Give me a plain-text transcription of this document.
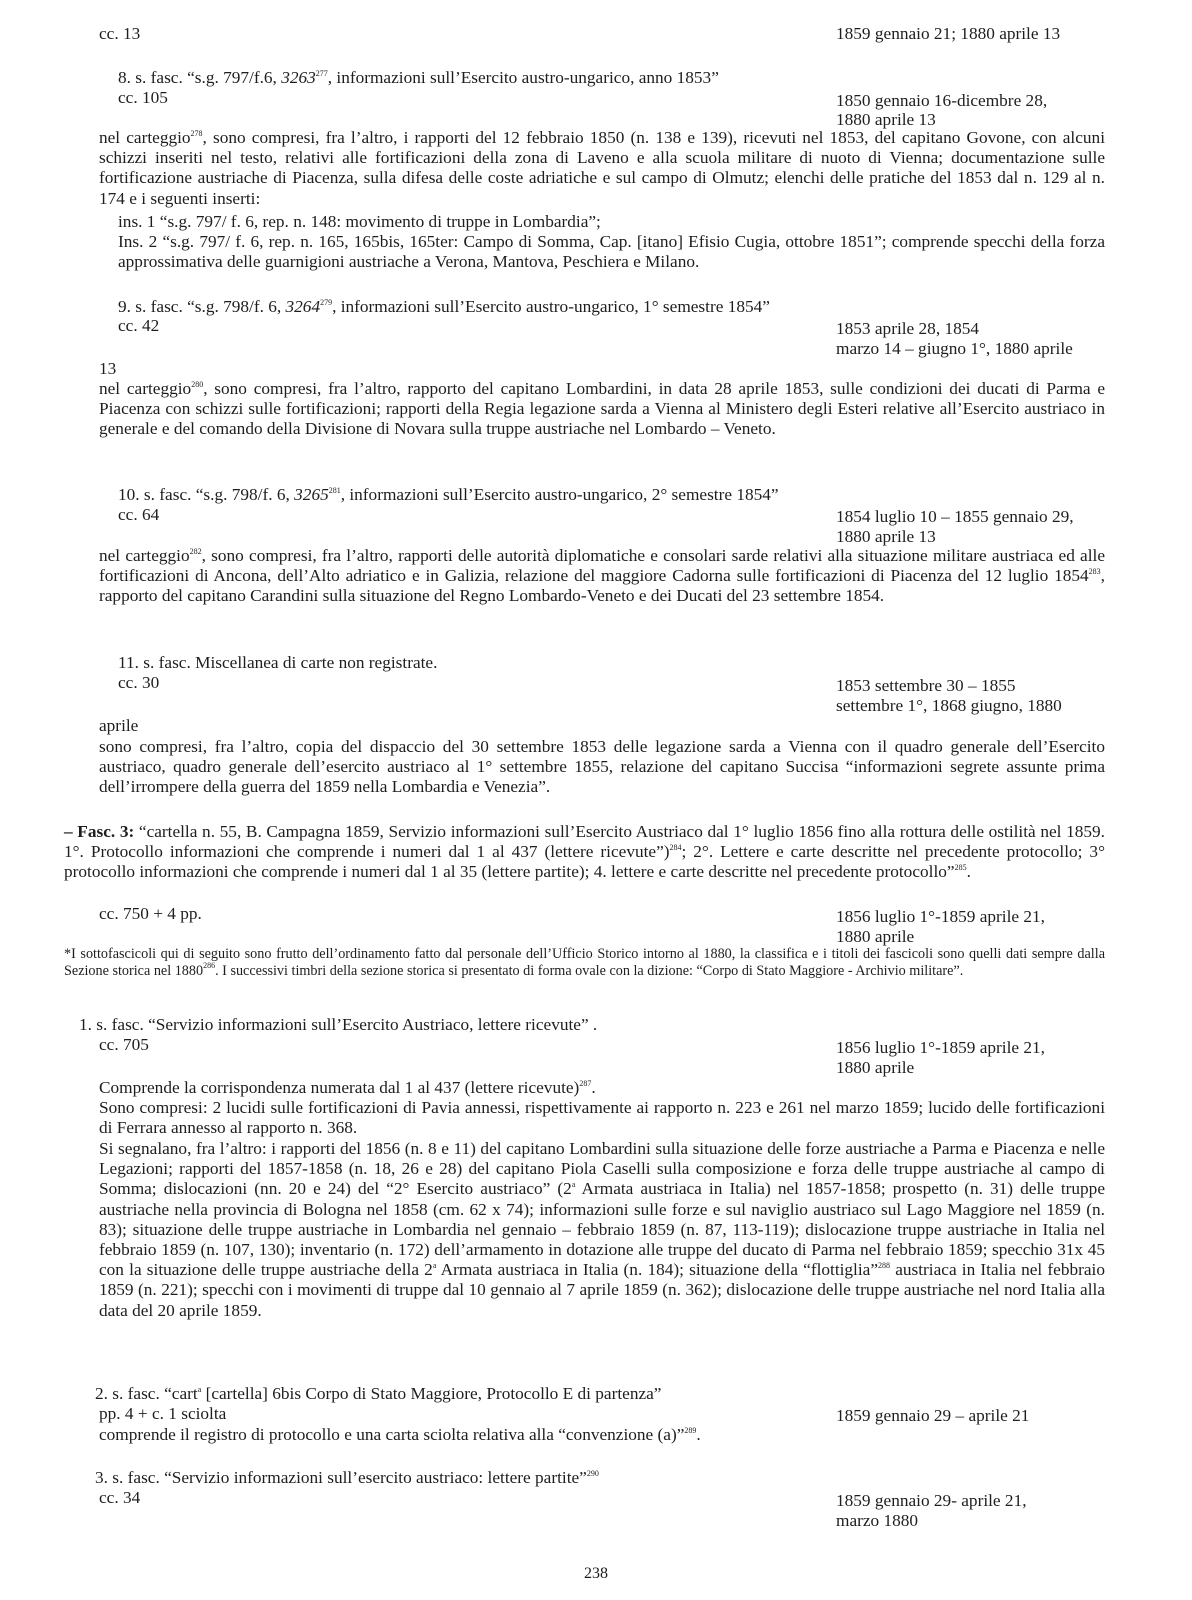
cc. 13	1859 gennaio 21; 1880 aprile 13
8. s. fasc. “s.g. 797/f.6, 3263$^{277}$, informazioni sull’Esercito austro-ungarico, anno 1853”
cc. 105	1850 gennaio 16-dicembre 28,
1880 aprile 13
nel carteggio$^{278}$, sono compresi, fra l’altro, i rapporti del 12 febbraio 1850 (n. 138 e 139), ricevuti nel 1853, del capitano Govone, con alcuni schizzi inseriti nel testo, relativi alle fortificazioni della zona di Laveno e alla scuola militare di nuoto di Vienna; documentazione sulle fortificazione austriache di Piacenza, sulla difesa delle coste adriatiche e sul campo di Olmutz; elenchi delle pratiche del 1853 dal n. 129 al n. 174 e i seguenti inserti:
ins. 1 “s.g. 797/ f. 6, rep. n. 148: movimento di truppe in Lombardia”;
Ins. 2 “s.g. 797/ f. 6, rep. n. 165, 165bis, 165ter: Campo di Somma, Cap. [itano] Efisio Cugia, ottobre 1851”; comprende specchi della forza approssimativa delle guarnigioni austriache a Verona, Mantova, Peschiera e Milano.
9. s. fasc. “s.g. 798/f. 6, 3264$^{279}$, informazioni sull’Esercito austro-ungarico, 1° semestre 1854”
cc. 42	1853 aprile 28, 1854
marzo 14 – giugno 1°, 1880 aprile
13
nel carteggio$^{280}$, sono compresi, fra l’altro, rapporto del capitano Lombardini, in data 28 aprile 1853, sulle condizioni dei ducati di Parma e Piacenza con schizzi sulle fortificazioni; rapporti della Regia legazione sarda a Vienna al Ministero degli Esteri relative all’Esercito austriaco in generale e del comando della Divisione di Novara sulla truppe austriache nel Lombardo – Veneto.
10. s. fasc. “s.g. 798/f. 6, 3265$^{281}$, informazioni sull’Esercito austro-ungarico, 2° semestre 1854”
cc. 64	1854 luglio 10 – 1855 gennaio 29,
1880 aprile 13
nel carteggio$^{282}$, sono compresi, fra l’altro, rapporti delle autorità diplomatiche e consolari sarde relativi alla situazione militare austriaca ed alle fortificazioni di Ancona, dell’Alto adriatico e in Galizia, relazione del maggiore Cadorna sulle fortificazioni di Piacenza del 12 luglio 1854$^{283}$, rapporto del capitano Carandini sulla situazione del Regno Lombardo-Veneto e dei Ducati del 23 settembre 1854.
11. s. fasc. Miscellanea di carte non registrate.
cc. 30	1853 settembre 30 – 1855
settembre 1°, 1868 giugno, 1880
aprile
sono compresi, fra l’altro, copia del dispaccio del 30 settembre 1853 delle legazione sarda a Vienna con il quadro generale dell’Esercito austriaco, quadro generale dell’esercito austriaco al 1° settembre 1855, relazione del capitano Succisa “informazioni segrete assunte prima dell’irrompere della guerra del 1859 nella Lombardia e Venezia”.
– Fasc. 3: “cartella n. 55, B. Campagna 1859, Servizio informazioni sull’Esercito Austriaco dal 1° luglio 1856 fino alla rottura delle ostilità nel 1859. 1°. Protocollo informazioni che comprende i numeri dal 1 al 437 (lettere ricevute”)$^{284}$; 2°. Lettere e carte descritte nel precedente protocollo; 3° protocollo informazioni che comprende i numeri dal 1 al 35 (lettere partite); 4. lettere e carte descritte nel precedente protocollo”$^{285}$.
cc. 750 + 4 pp.	1856 luglio 1°-1859 aprile 21,
1880 aprile
*I sottofascicoli qui di seguito sono frutto dell’ordinamento fatto dal personale dell’Ufficio Storico intorno al 1880, la classifica e i titoli dei fascicoli sono quelli dati sempre dalla Sezione storica nel 1880$^{286}$. I successivi timbri della sezione storica si presentato di forma ovale con la dizione: “Corpo di Stato Maggiore - Archivio militare”.
1. s. fasc. “Servizio informazioni sull’Esercito Austriaco, lettere ricevute” .
cc. 705	1856 luglio 1°-1859 aprile 21,
1880 aprile
Comprende la corrispondenza numerata dal 1 al 437 (lettere ricevute)$^{287}$.
Sono compresi: 2 lucidi sulle fortificazioni di Pavia annessi, rispettivamente ai rapporto n. 223 e 261 nel marzo 1859; lucido delle fortificazioni di Ferrara annesso al rapporto n. 368.
Si segnalano, fra l’altro: i rapporti del 1856 (n. 8 e 11) del capitano Lombardini sulla situazione delle forze austriache a Parma e Piacenza e nelle Legazioni; rapporti del 1857-1858 (n. 18, 26 e 28) del capitano Piola Caselli sulla composizione e forza delle truppe austriache al campo di Somma; dislocazioni (nn. 20 e 24) del “2° Esercito austriaco” (2$^a$ Armata austriaca in Italia) nel 1857-1858; prospetto (n. 31) delle truppe austriache nella provincia di Bologna nel 1858 (cm. 62 x 74); informazioni sulle forze e sul naviglio austriaco sul Lago Maggiore nel 1859 (n. 83); situazione delle truppe austriache in Lombardia nel gennaio – febbraio 1859 (n. 87, 113-119); dislocazione truppe austriache in Italia nel febbraio 1859 (n. 107, 130); inventario (n. 172) dell’armamento in dotazione alle truppe del ducato di Parma nel febbraio 1859; specchio 31x 45 con la situazione delle truppe austriache della 2$^a$ Armata austriaca in Italia (n. 184); situazione della “flottiglia”$^{288}$ austriaca in Italia nel febbraio 1859 (n. 221); specchi con i movimenti di truppe dal 10 gennaio al 7 aprile 1859 (n. 362); dislocazione delle truppe austriache nel nord Italia alla data del 20 aprile 1859.
2. s. fasc. “cart$^a$ [cartella] 6bis Corpo di Stato Maggiore, Protocollo E di partenza”
pp. 4 + c. 1 sciolta	1859 gennaio 29 – aprile 21
comprende il registro di protocollo e una carta sciolta relativa alla “convenzione (a)”$^{289}$.
3. s. fasc. “Servizio informazioni sull’esercito austriaco: lettere partite”$^{290}$
cc. 34	1859 gennaio 29- aprile 21,
marzo 1880
238
